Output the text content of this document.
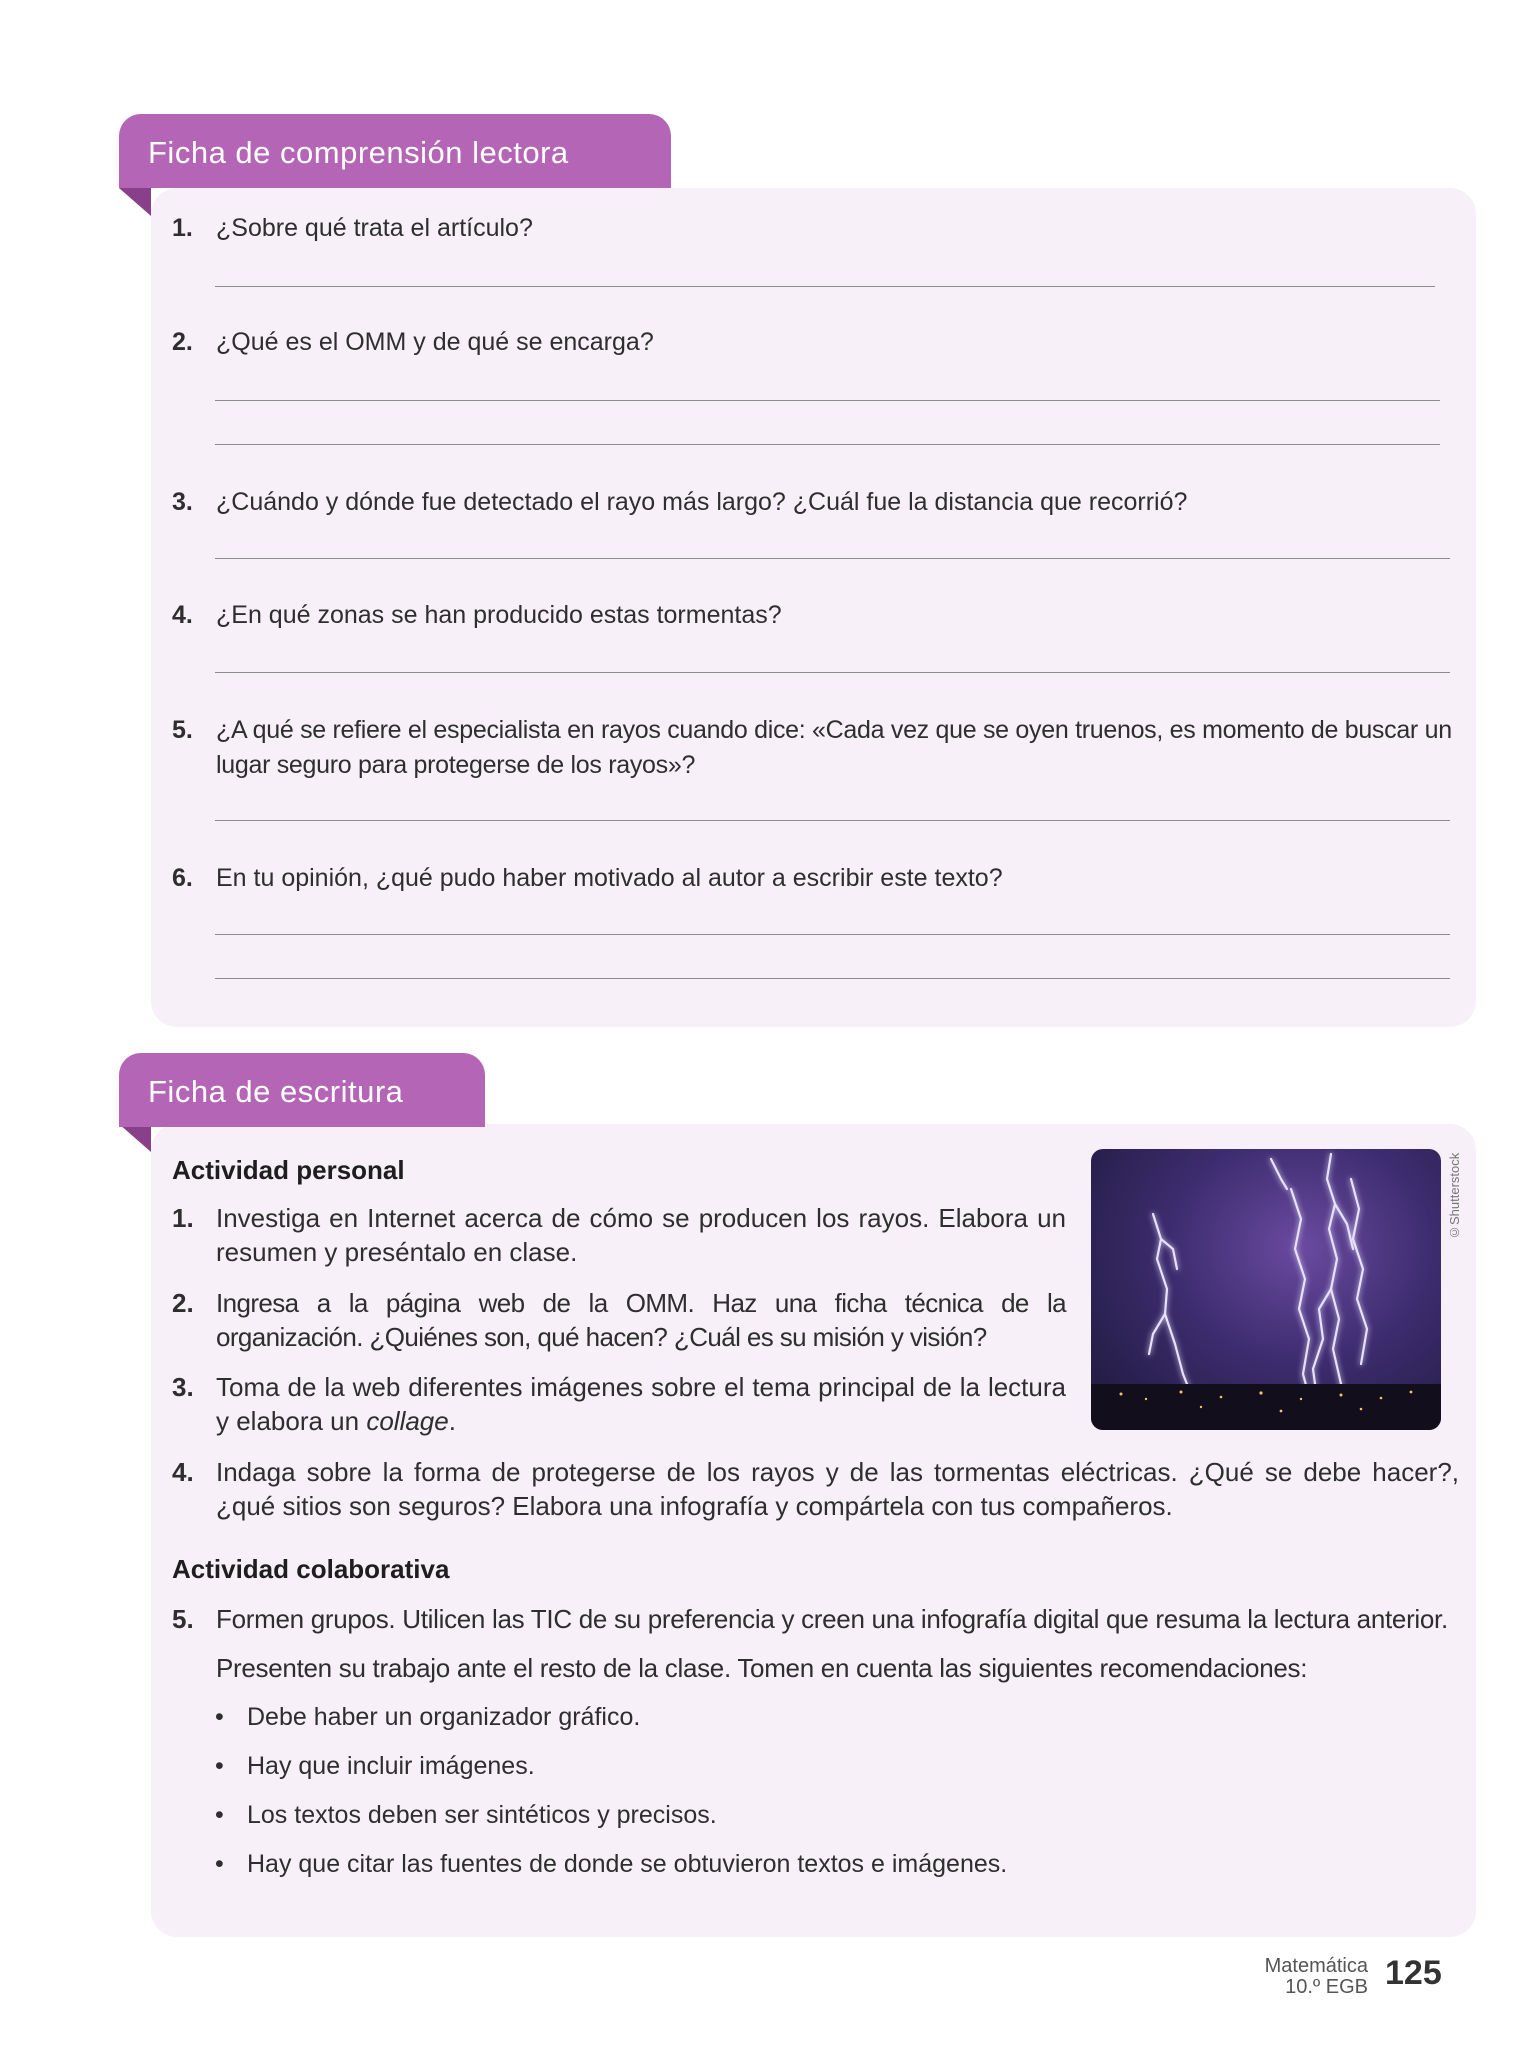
Ficha de comprensión lectora
1. ¿Sobre qué trata el artículo?
2. ¿Qué es el OMM y de qué se encarga?
3. ¿Cuándo y dónde fue detectado el rayo más largo? ¿Cuál fue la distancia que recorrió?
4. ¿En qué zonas se han producido estas tormentas?
5. ¿A qué se refiere el especialista en rayos cuando dice: «Cada vez que se oyen truenos, es momento de buscar un lugar seguro para protegerse de los rayos»?
6. En tu opinión, ¿qué pudo haber motivado al autor a escribir este texto?
Ficha de escritura
Actividad personal
1. Investiga en Internet acerca de cómo se producen los rayos. Elabora un resumen y preséntalo en clase.
2. Ingresa a la página web de la OMM. Haz una ficha técnica de la organización. ¿Quiénes son, qué hacen? ¿Cuál es su misión y visión?
3. Toma de la web diferentes imágenes sobre el tema principal de la lectura y elabora un collage.
4. Indaga sobre la forma de protegerse de los rayos y de las tormentas eléctricas. ¿Qué se debe hacer?, ¿qué sitios son seguros? Elabora una infografía y compártela con tus compañeros.
Actividad colaborativa
5. Formen grupos. Utilicen las TIC de su preferencia y creen una infografía digital que resuma la lectura anterior.
Presenten su trabajo ante el resto de la clase. Tomen en cuenta las siguientes recomendaciones:
• Debe haber un organizador gráfico.
• Hay que incluir imágenes.
• Los textos deben ser sintéticos y precisos.
• Hay que citar las fuentes de donde se obtuvieron textos e imágenes.
©Shutterstock
Matemática
10.º EGB 125
